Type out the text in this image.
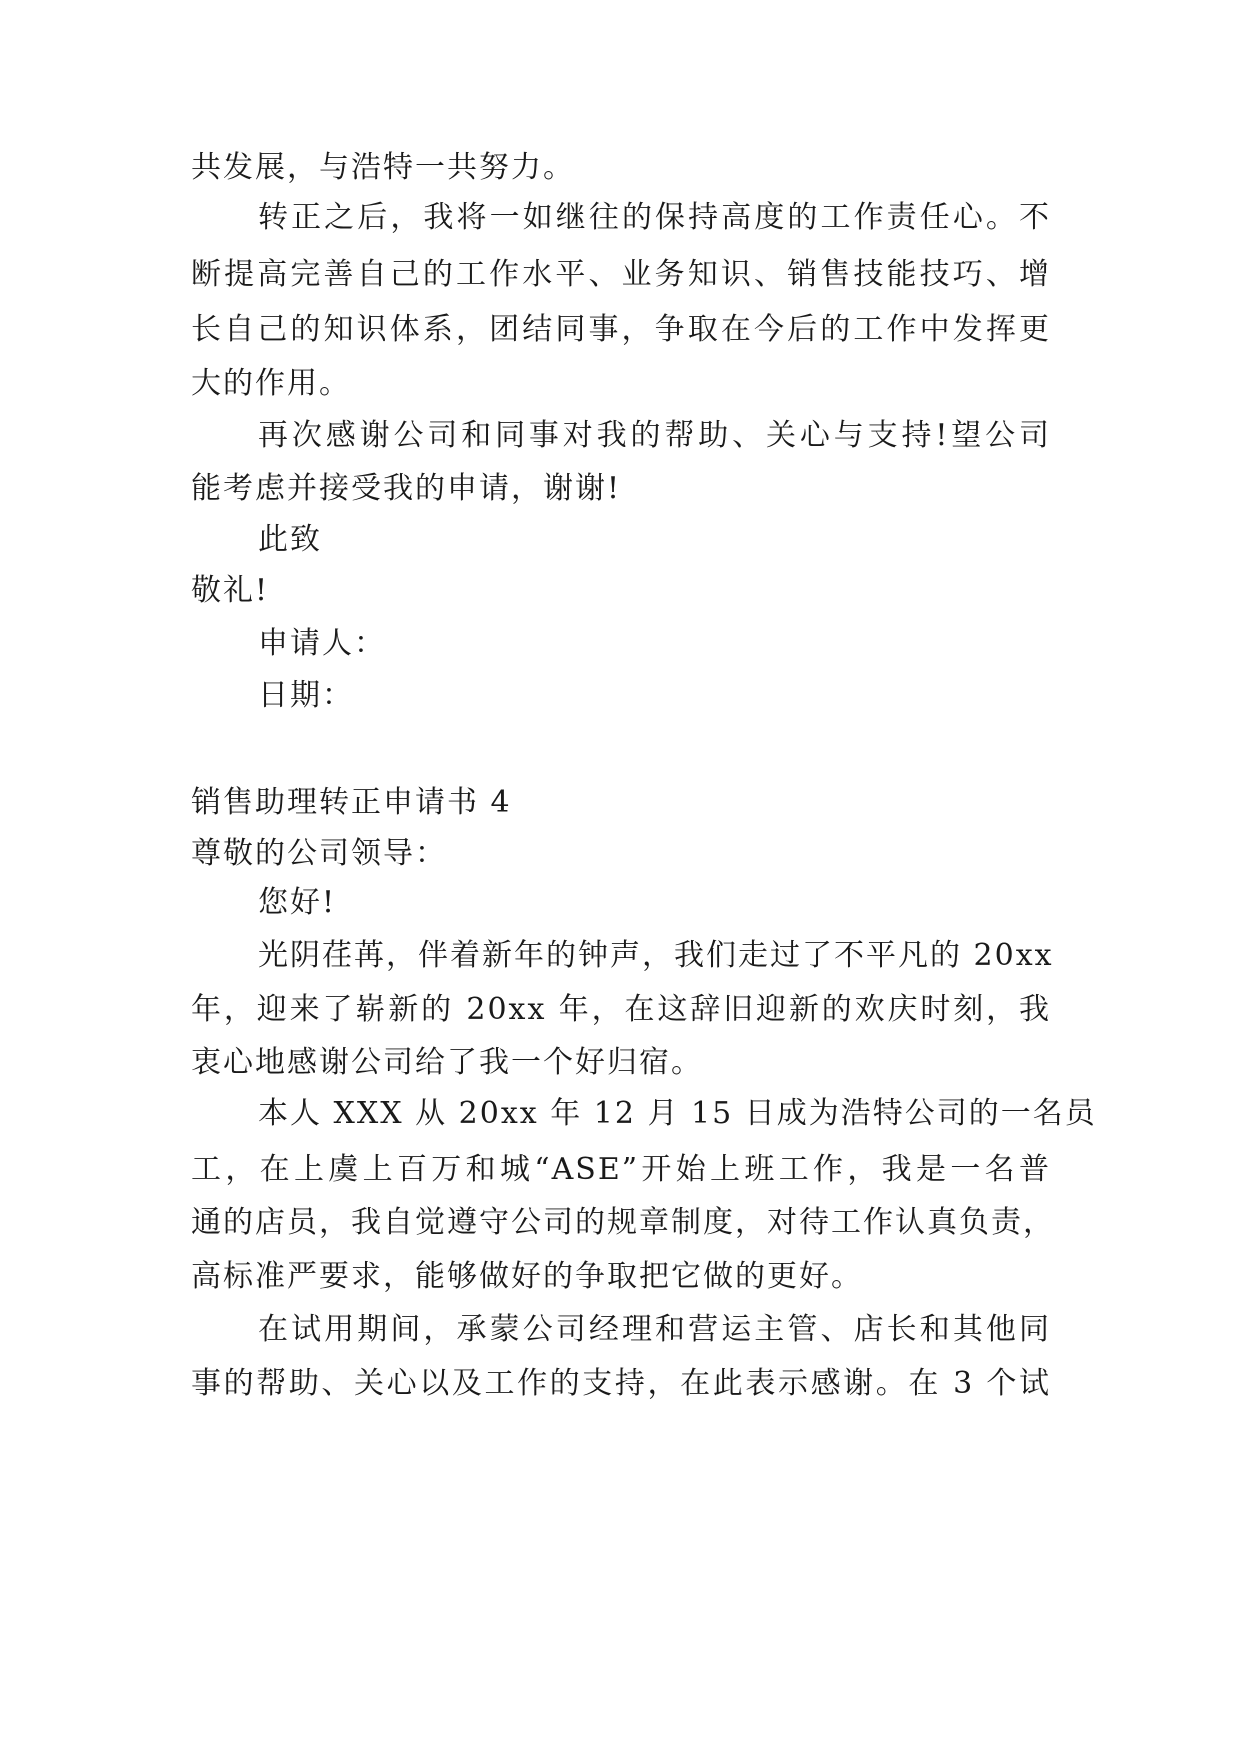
共发展，与浩特一共努力。
转正之后，我将一如继往的保持高度的工作责任心。不
断提高完善自己的工作水平、业务知识、销售技能技巧、增
长自己的知识体系，团结同事，争取在今后的工作中发挥更
大的作用。
再次感谢公司和同事对我的帮助、关心与支持!望公司
能考虑并接受我的申请，谢谢!
此致
敬礼!
申请人：
日期：
销售助理转正申请书 4
尊敬的公司领导：
您好!
光阴荏苒，伴着新年的钟声，我们走过了不平凡的 20xx
年，迎来了崭新的 20xx 年，在这辞旧迎新的欢庆时刻，我
衷心地感谢公司给了我一个好归宿。
本人 XXX 从 20xx 年 12 月 15 日成为浩特公司的一名员
工，在上虞上百万和城“ASE”开始上班工作，我是一名普
通的店员，我自觉遵守公司的规章制度，对待工作认真负责，
高标准严要求，能够做好的争取把它做的更好。
在试用期间，承蒙公司经理和营运主管、店长和其他同
事的帮助、关心以及工作的支持，在此表示感谢。在 3 个试
